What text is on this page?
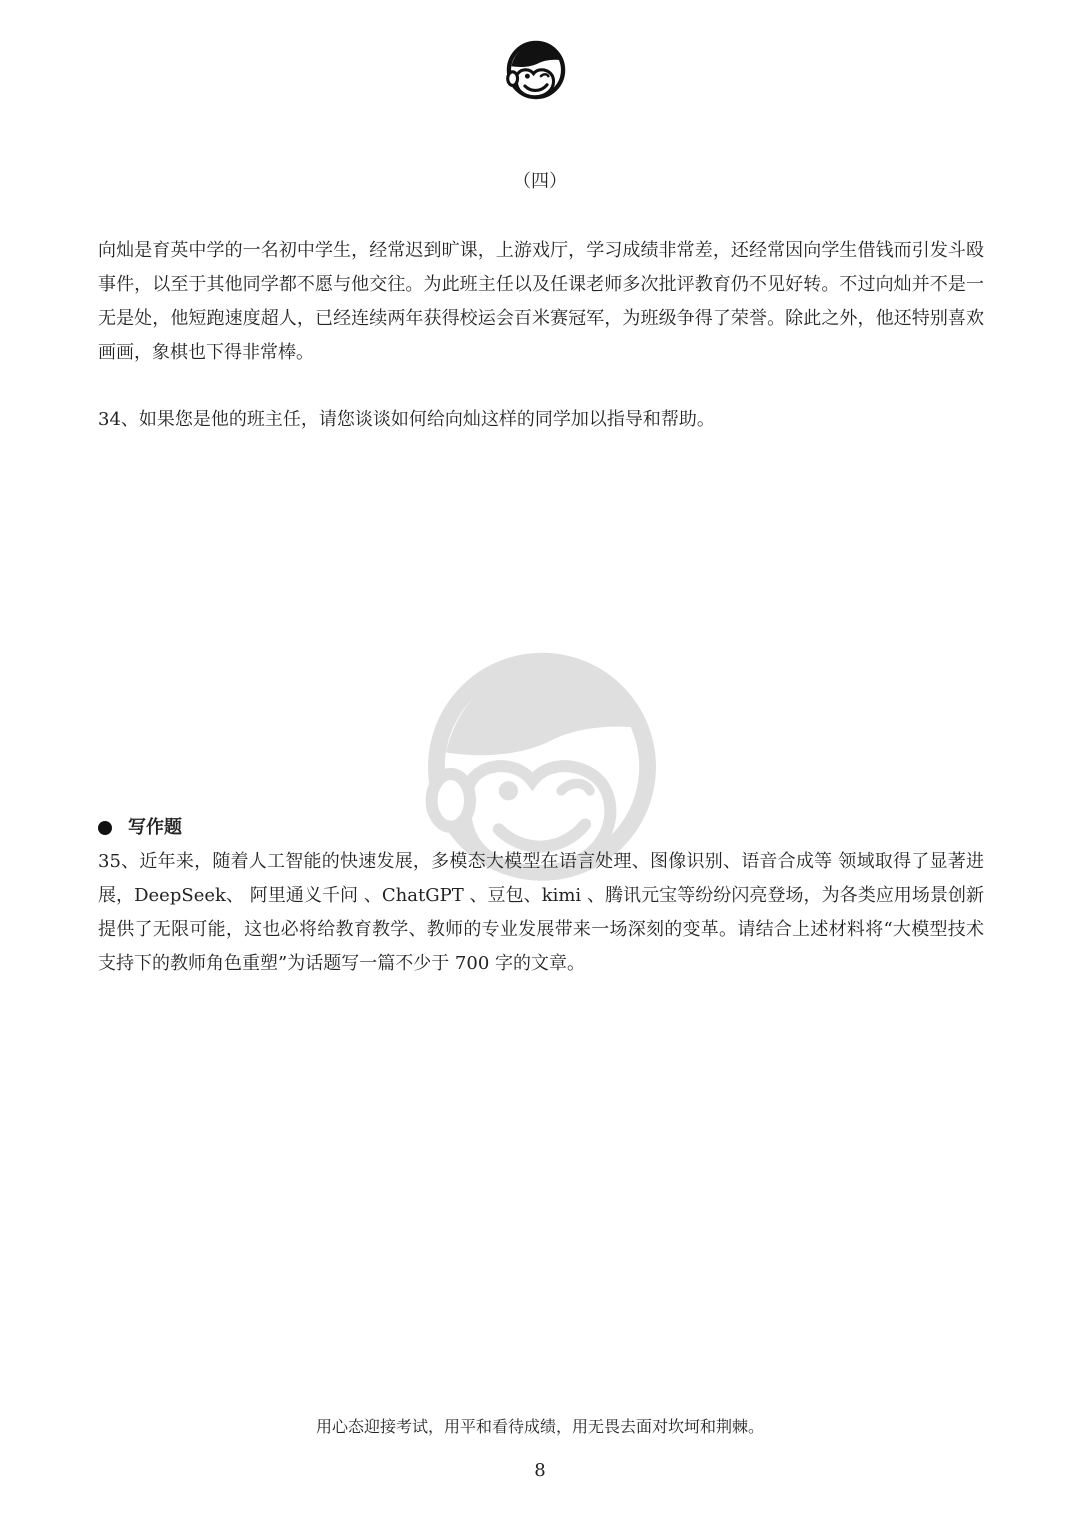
（四）

向灿是育英中学的一名初中学生，经常迟到旷课，上游戏厅，学习成绩非常差，还经常因向学生借钱而引发斗殴事件，以至于其他同学都不愿与他交往。为此班主任以及任课老师多次批评教育仍不见好转。不过向灿并不是一无是处，他短跑速度超人，已经连续两年获得校运会百米赛冠军，为班级争得了荣誉。除此之外，他还特别喜欢画画，象棋也下得非常棒。

34、如果您是他的班主任，请您谈谈如何给向灿这样的同学加以指导和帮助。

写作题

35、近年来，随着人工智能的快速发展，多模态大模型在语言处理、图像识别、语音合成等 领域取得了显著进展，DeepSeek、 阿里通义千问 、ChatGPT 、豆包、kimi 、腾讯元宝等纷纷闪亮登场，为各类应用场景创新提供了无限可能，这也必将给教育教学、教师的专业发展带来一场深刻的变革。请结合上述材料将“大模型技术支持下的教师角色重塑”为话题写一篇不少于 700 字的文章。

用心态迎接考试，用平和看待成绩，用无畏去面对坎坷和荆棘。
8
